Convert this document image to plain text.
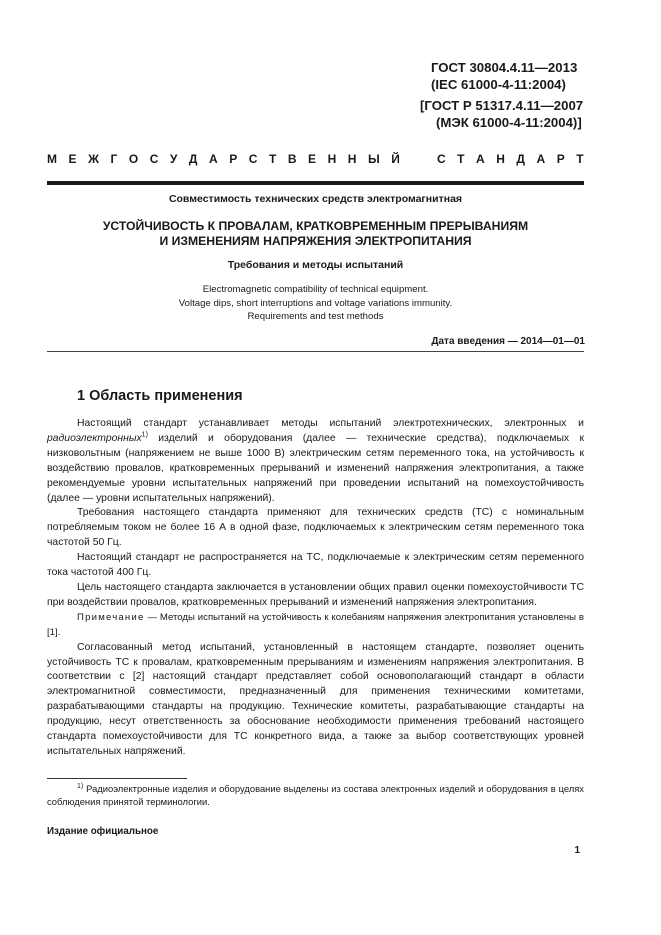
ГОСТ 30804.4.11—2013
(IEC 61000-4-11:2004)
[ГОСТ Р 51317.4.11—2007
(МЭК 61000-4-11:2004)]
М Е Ж Г О С У Д А Р С Т В Е Н Н Ы Й	С Т А Н Д А Р Т
Совместимость технических средств электромагнитная
УСТОЙЧИВОСТЬ К ПРОВАЛАМ, КРАТКОВРЕМЕННЫМ ПРЕРЫВАНИЯМ
И ИЗМЕНЕНИЯМ НАПРЯЖЕНИЯ ЭЛЕКТРОПИТАНИЯ
Требования и методы испытаний
Electromagnetic compatibility of technical equipment.
Voltage dips, short interruptions and voltage variations immunity.
Requirements and test methods
Дата введения — 2014—01—01
1 Область применения

Настоящий стандарт устанавливает методы испытаний электротехнических, электронных и радиоэлектронных$^{1)}$ изделий и оборудования (далее — технические средства), подключаемых к низковольтным (напряжением не выше 1000 В) электрическим сетям переменного тока, на устойчивость к воздействию провалов, кратковременных прерываний и изменений напряжения электропитания, а также рекомендуемые уровни испытательных напряжений при проведении испытаний на помехоустойчивость (далее — уровни испытательных напряжений).

Требования настоящего стандарта применяют для технических средств (ТС) с номинальным потребляемым током не более 16 А в одной фазе, подключаемых к электрическим сетям переменного тока частотой 50 Гц.

Настоящий стандарт не распространяется на ТС, подключаемые к электрическим сетям переменного тока частотой 400 Гц.

Цель настоящего стандарта заключается в установлении общих правил оценки помехоустойчивости ТС при воздействии провалов, кратковременных прерываний и изменений напряжения электропитания.

Примечание — Методы испытаний на устойчивость к колебаниям напряжения электропитания установлены в [1].

Согласованный метод испытаний, установленный в настоящем стандарте, позволяет оценить устойчивость ТС к провалам, кратковременным прерываниям и изменениям напряжения электропитания. В соответствии с [2] настоящий стандарт представляет собой основополагающий стандарт в области электромагнитной совместимости, предназначенный для применения техническими комитетами, разрабатывающими стандарты на продукцию. Технические комитеты, разрабатывающие стандарты на продукцию, несут ответственность за обоснование необходимости применения требований настоящего стандарта помехоустойчивости для ТС конкретного вида, а также за выбор соответствующих уровней испытательных напряжений.

$^{1)}$ Радиоэлектронные изделия и оборудование выделены из состава электронных изделий и оборудования в целях соблюдения принятой терминологии.
Издание официальное
1
